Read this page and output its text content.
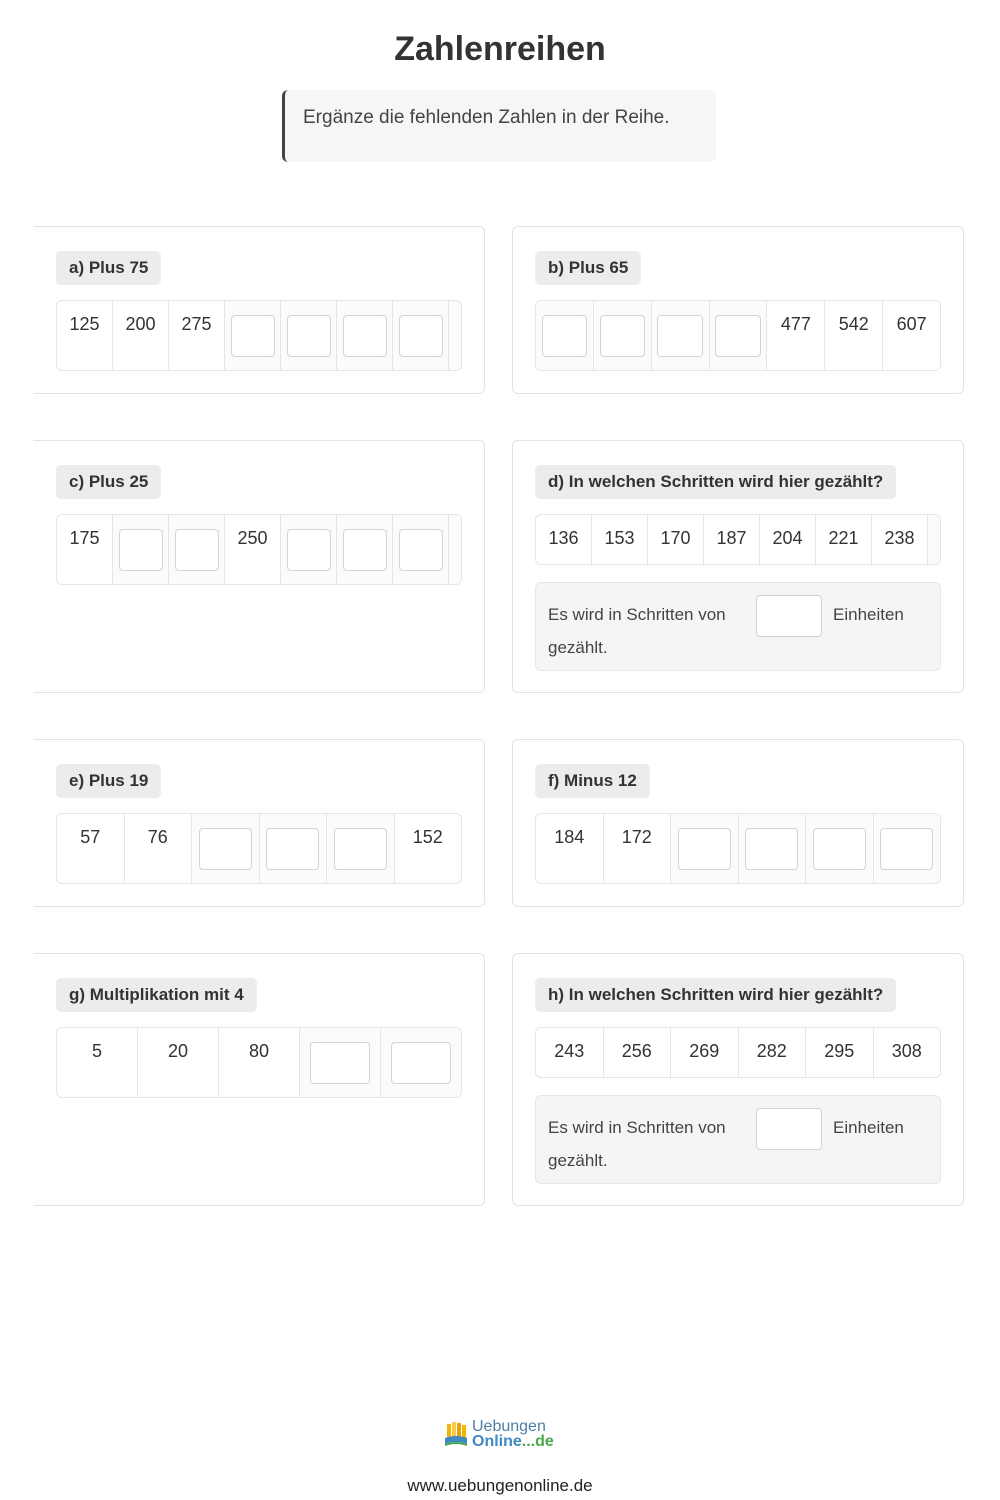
Zahlenreihen
Ergänze die fehlenden Zahlen in der Reihe.
a) Plus 75
125 200 275
b) Plus 65
477 542 607
c) Plus 25
175	250
d) In welchen Schritten wird hier gezählt?
136 153 170 187 204 221 238
Es wird in Schritten von	Einheiten
gezählt.
e) Plus 19
57	76	152
f) Minus 12
184 172
g) Multiplikation mit 4
5	20	80
h) In welchen Schritten wird hier gezählt?
243 256 269 282 295 308
Es wird in Schritten von	Einheiten
gezählt.
Uebungen
Online...de
www.uebungenonline.de
